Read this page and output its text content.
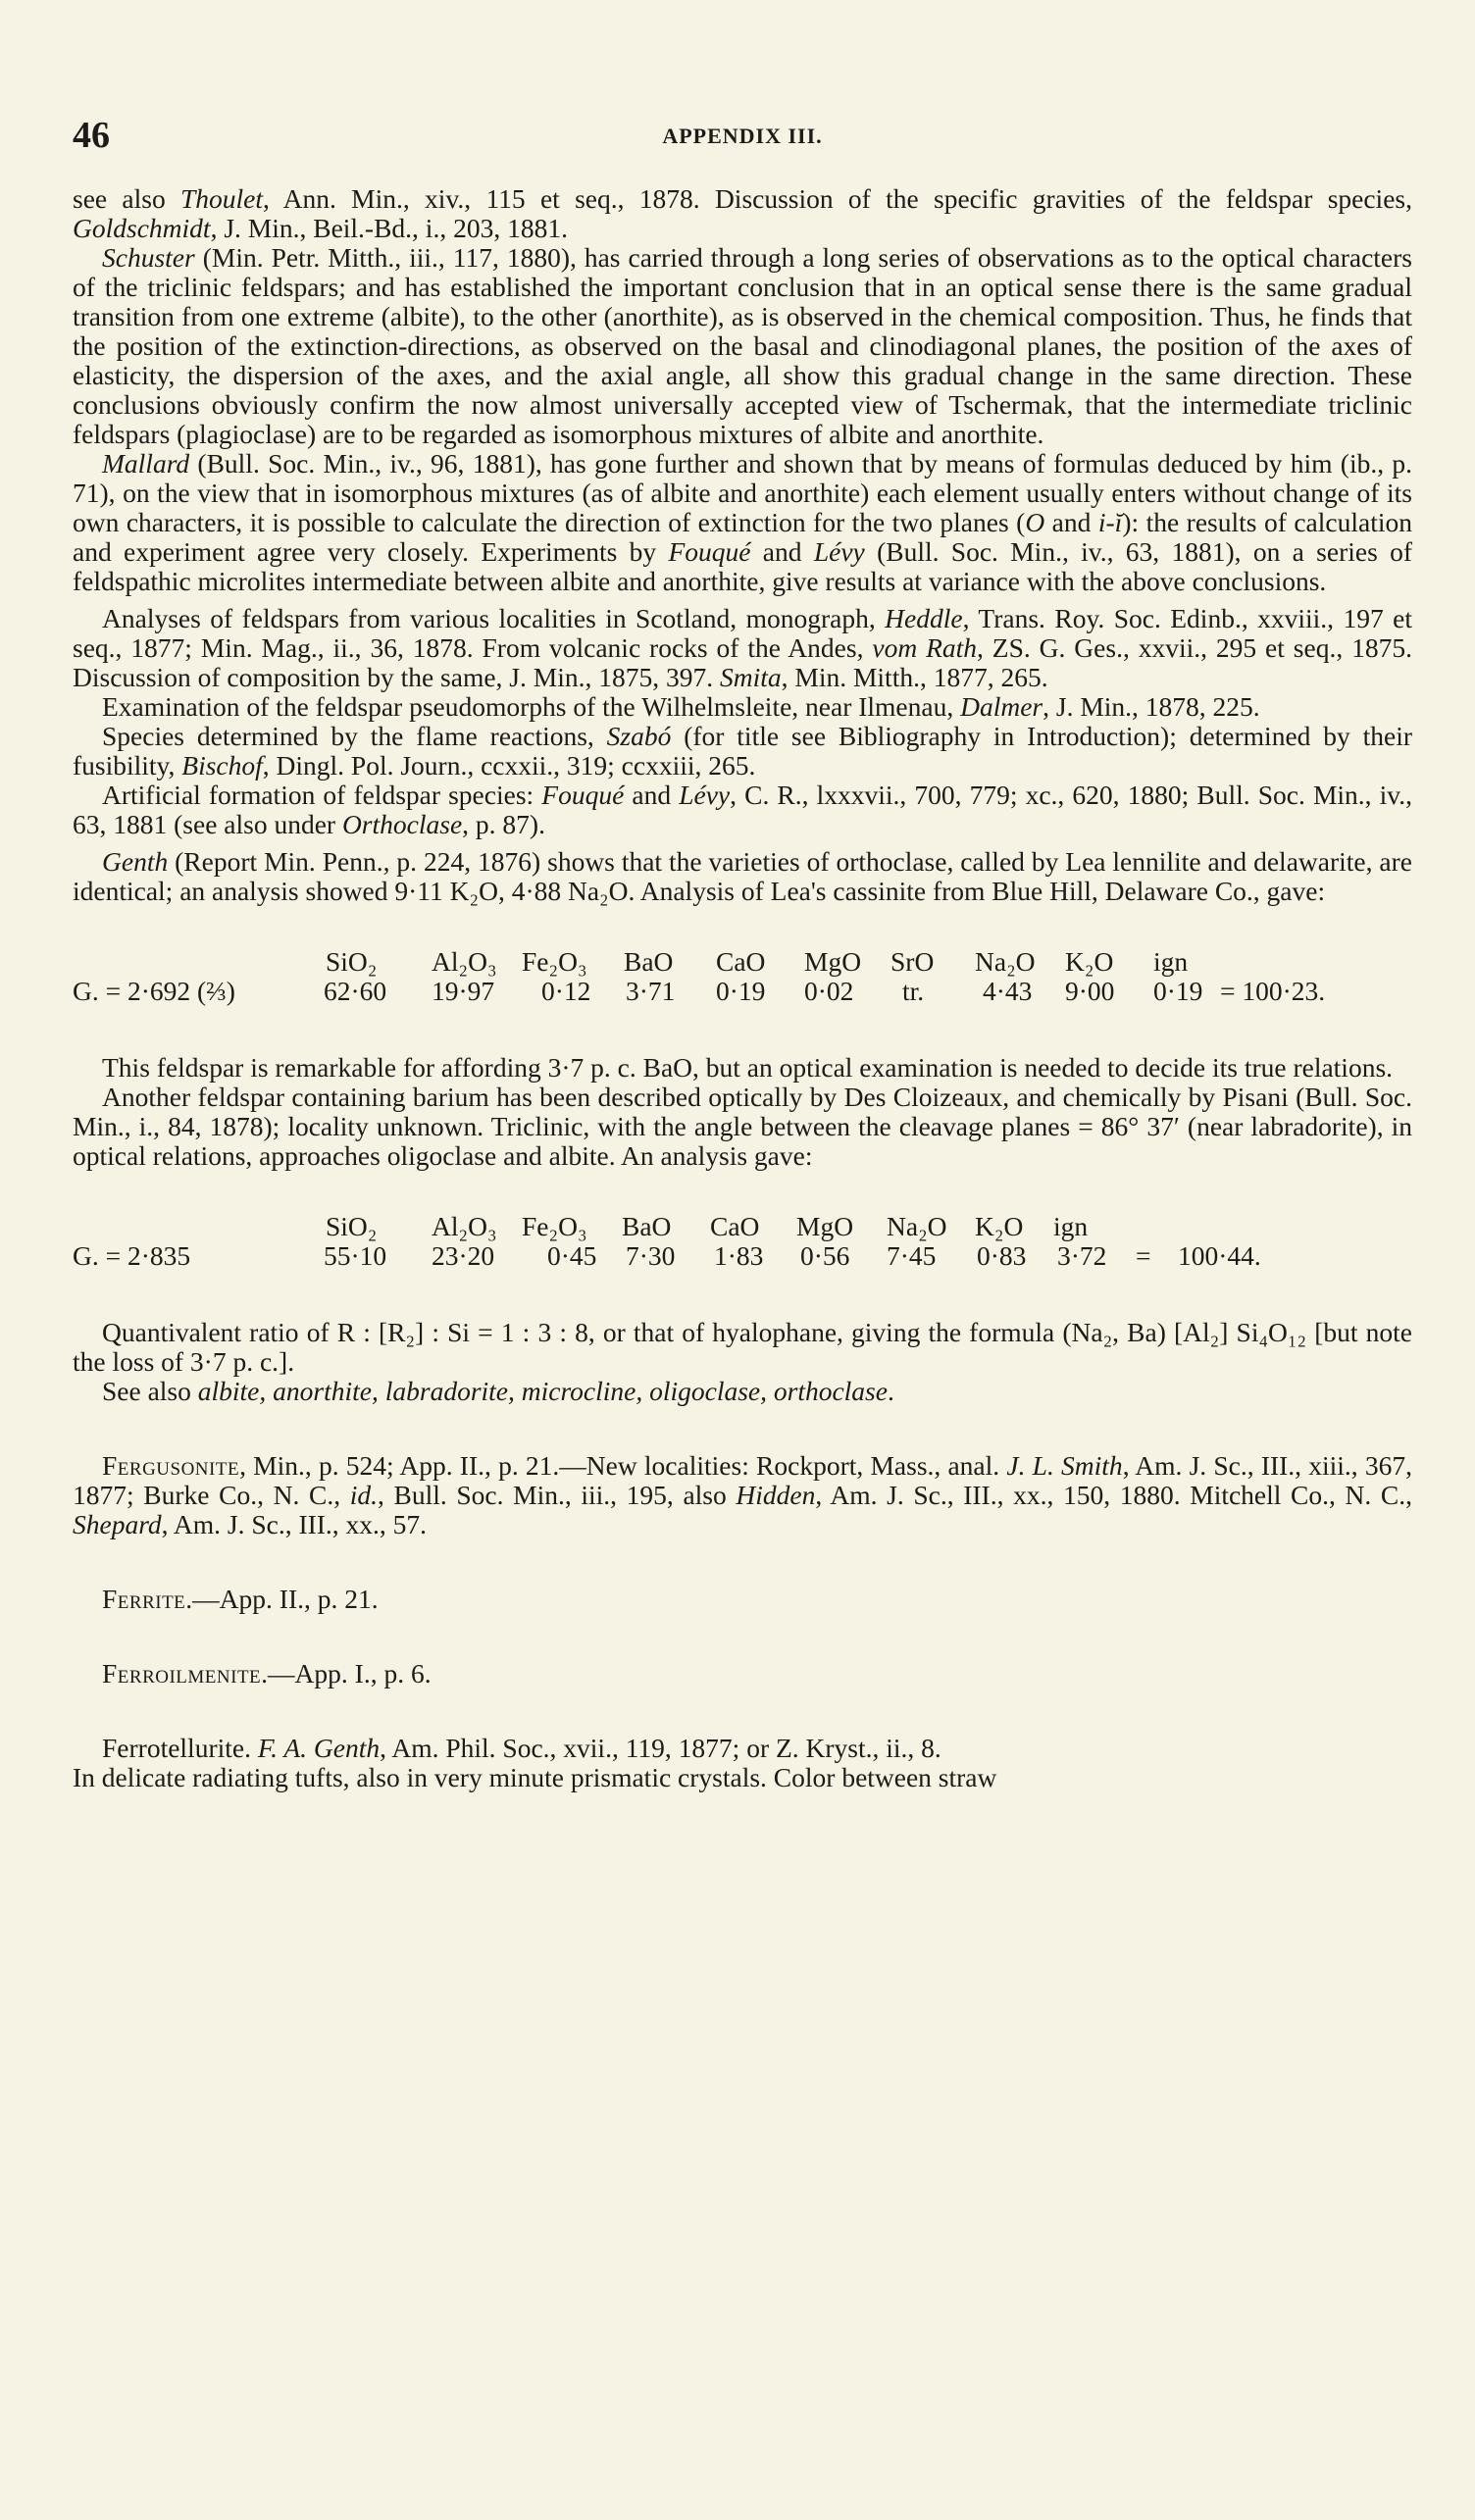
46	APPENDIX III.

see also Thoulet, Ann. Min., xiv., 115 et seq., 1878. Discussion of the specific gravities of the feldspar species, Goldschmidt, J. Min., Beil.-Bd., i., 203, 1881.

Schuster (Min. Petr. Mitth., iii., 117, 1880), has carried through a long series of observations as to the optical characters of the triclinic feldspars; and has established the important conclusion that in an optical sense there is the same gradual transition from one extreme (albite), to the other (anorthite), as is observed in the chemical composition. Thus, he finds that the position of the extinction-directions, as observed on the basal and clinodiagonal planes, the position of the axes of elasticity, the dispersion of the axes, and the axial angle, all show this gradual change in the same direction. These conclusions obviously confirm the now almost universally accepted view of Tschermak, that the intermediate triclinic feldspars (plagioclase) are to be regarded as isomorphous mixtures of albite and anorthite.

Mallard (Bull. Soc. Min., iv., 96, 1881), has gone further and shown that by means of formulas deduced by him (ib., p. 71), on the view that in isomorphous mixtures (as of albite and anorthite) each element usually enters without change of its own characters, it is possible to calculate the direction of extinction for the two planes (O and i-ĭ): the results of calculation and experiment agree very closely. Experiments by Fouqué and Lévy (Bull. Soc. Min., iv., 63, 1881), on a series of feldspathic microlites intermediate between albite and anorthite, give results at variance with the above conclusions.

Analyses of feldspars from various localities in Scotland, monograph, Heddle, Trans. Roy. Soc. Edinb., xxviii., 197 et seq., 1877; Min. Mag., ii., 36, 1878. From volcanic rocks of the Andes, vom Rath, ZS. G. Ges., xxvii., 295 et seq., 1875. Discussion of composition by the same, J. Min., 1875, 397. Smita, Min. Mitth., 1877, 265.

Examination of the feldspar pseudomorphs of the Wilhelmsleite, near Ilmenau, Dalmer, J. Min., 1878, 225.

Species determined by the flame reactions, Szabó (for title see Bibliography in Introduction); determined by their fusibility, Bischof, Dingl. Pol. Journ., ccxxii., 319; ccxxiii, 265.

Artificial formation of feldspar species: Fouqué and Lévy, C. R., lxxxvii., 700, 779; xc., 620, 1880; Bull. Soc. Min., iv., 63, 1881 (see also under Orthoclase, p. 87).

Genth (Report Min. Penn., p. 224, 1876) shows that the varieties of orthoclase, called by Lea lennilite and delawarite, are identical; an analysis showed 9·11 K₂O, 4·88 Na₂O. Analysis of Lea's cassinite from Blue Hill, Delaware Co., gave:

SiO₂ Al₂O₃ Fe₂O₃ BaO CaO MgO SrO Na₂O K₂O ign
G. = 2·692 (⅔)	62·60 19·97 0·12 3·71 0·19 0·02 tr. 4·43 9·00 0·19 = 100·23.

This feldspar is remarkable for affording 3·7 p. c. BaO, but an optical examination is needed to decide its true relations.

Another feldspar containing barium has been described optically by Des Cloizeaux, and chemically by Pisani (Bull. Soc. Min., i., 84, 1878); locality unknown. Triclinic, with the angle between the cleavage planes = 86° 37′ (near labradorite), in optical relations, approaches oligoclase and albite. An analysis gave:

SiO₂ Al₂O₃ Fe₂O₃ BaO CaO MgO Na₂O K₂O ign
G. = 2·835	55·10 23·20 0·45 7·30 1·83 0·56 7·45 0·83 3·72 =    100·44.

Quantivalent ratio of R : [R₂] : Si = 1 : 3 : 8, or that of hyalophane, giving the formula (Na₂, Ba) [Al₂] Si₄O₁₂ [but note the loss of 3·7 p. c.].

See also albite, anorthite, labradorite, microcline, oligoclase, orthoclase.

Fergusonite, Min., p. 524; App. II., p. 21.—New localities: Rockport, Mass., anal. J. L. Smith, Am. J. Sc., III., xiii., 367, 1877; Burke Co., N. C., id., Bull. Soc. Min., iii., 195, also Hidden, Am. J. Sc., III., xx., 150, 1880. Mitchell Co., N. C., Shepard, Am. J. Sc., III., xx., 57.

Ferrite.—App. II., p. 21.

Ferroilmenite.—App. I., p. 6.

Ferrotellurite. F. A. Genth, Am. Phil. Soc., xvii., 119, 1877; or Z. Kryst., ii., 8.

In delicate radiating tufts, also in very minute prismatic crystals. Color between straw
